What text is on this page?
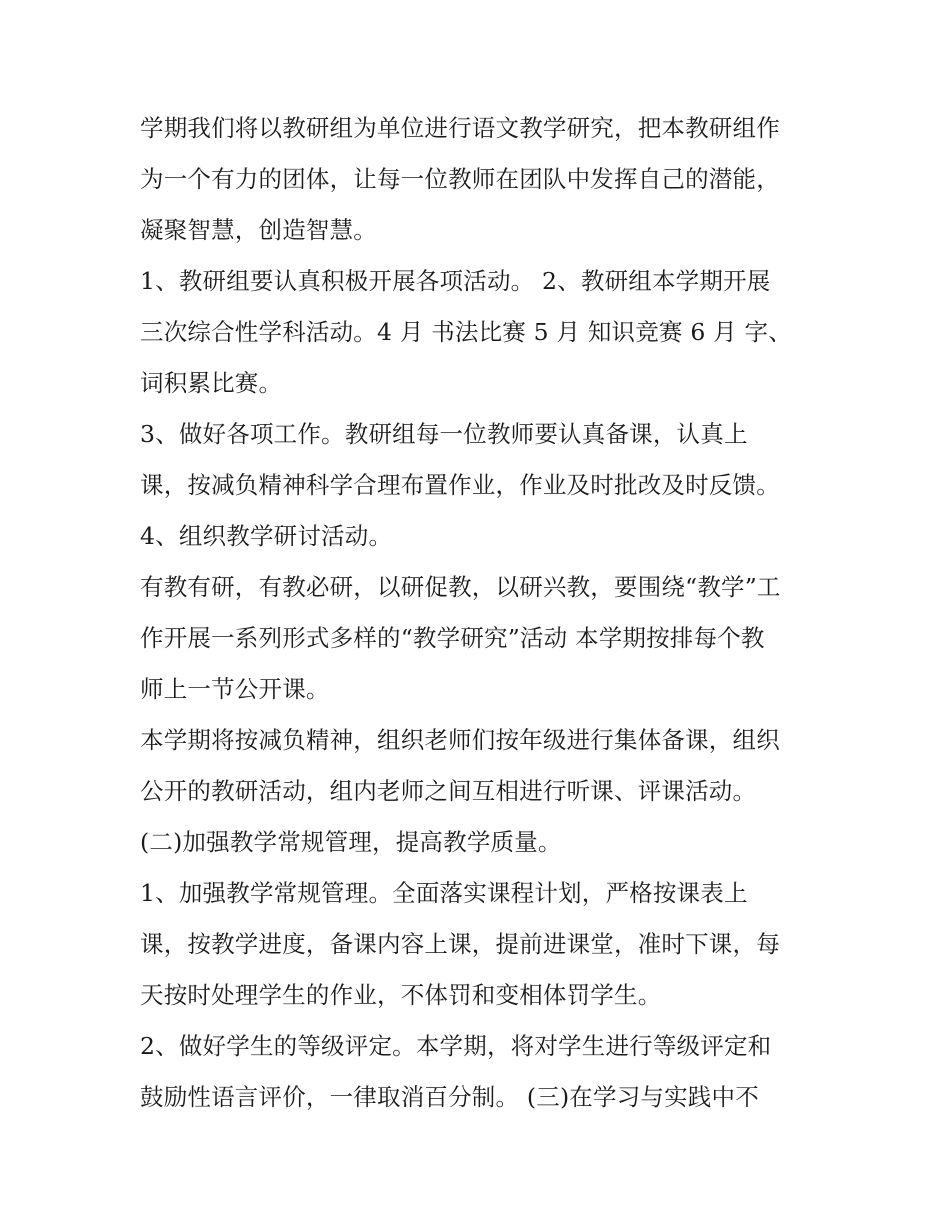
学期我们将以教研组为单位进行语文教学研究，把本教研组作
为一个有力的团体，让每一位教师在团队中发挥自己的潜能，
凝聚智慧，创造智慧。
1、教研组要认真积极开展各项活动。 2、教研组本学期开展
三次综合性学科活动。4 月 书法比赛 5 月 知识竞赛 6 月 字、
词积累比赛。
3、做好各项工作。教研组每一位教师要认真备课，认真上
课，按减负精神科学合理布置作业，作业及时批改及时反馈。
4、组织教学研讨活动。
有教有研，有教必研，以研促教，以研兴教，要围绕“教学”工
作开展一系列形式多样的“教学研究”活动 本学期按排每个教
师上一节公开课。
本学期将按减负精神，组织老师们按年级进行集体备课，组织
公开的教研活动，组内老师之间互相进行听课、评课活动。
(二)加强教学常规管理，提高教学质量。
1、加强教学常规管理。全面落实课程计划，严格按课表上
课，按教学进度，备课内容上课，提前进课堂，准时下课，每
天按时处理学生的作业，不体罚和变相体罚学生。
2、做好学生的等级评定。本学期，将对学生进行等级评定和
鼓励性语言评价，一律取消百分制。 (三)在学习与实践中不
